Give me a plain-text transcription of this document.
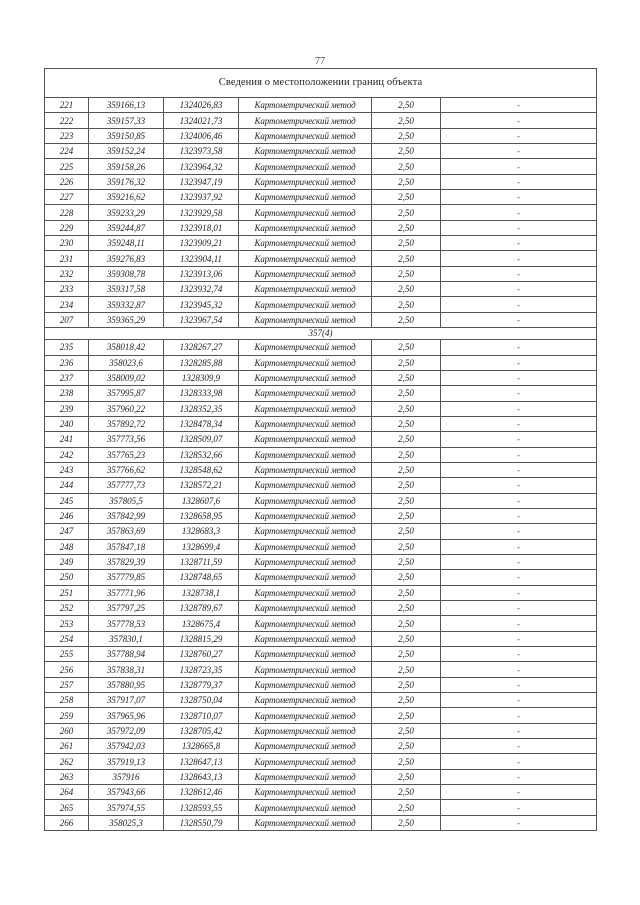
77
Сведения о местоположении границ объекта					
221	359166,13	1324026,83	Картометрический метод	2,50	-
222	359157,33	1324021,73	Картометрический метод	2,50	-
223	359150,85	1324006,46	Картометрический метод	2,50	-
224	359152,24	1323973,58	Картометрический метод	2,50	-
225	359158,26	1323964,32	Картометрический метод	2,50	-
226	359176,32	1323947,19	Картометрический метод	2,50	-
227	359216,62	1323937,92	Картометрический метод	2,50	-
228	359233,29	1323929,58	Картометрический метод	2,50	-
229	359244,87	1323918,01	Картометрический метод	2,50	-
230	359248,11	1323909,21	Картометрический метод	2,50	-
231	359276,83	1323904,11	Картометрический метод	2,50	-
232	359308,78	1323913,06	Картометрический метод	2,50	-
233	359317,58	1323932,74	Картометрический метод	2,50	-
234	359332,87	1323945,32	Картометрический метод	2,50	-
207	359365,29	1323967,54	Картометрический метод	2,50	-
357(4)					
235	358018,42	1328267,27	Картометрический метод	2,50	-
236	358023,6	1328285,88	Картометрический метод	2,50	-
237	358009,02	1328309,9	Картометрический метод	2,50	-
238	357995,87	1328333,98	Картометрический метод	2,50	-
239	357960,22	1328352,35	Картометрический метод	2,50	-
240	357892,72	1328478,34	Картометрический метод	2,50	-
241	357773,56	1328509,07	Картометрический метод	2,50	-
242	357765,23	1328532,66	Картометрический метод	2,50	-
243	357766,62	1328548,62	Картометрический метод	2,50	-
244	357777,73	1328572,21	Картометрический метод	2,50	-
245	357805,5	1328607,6	Картометрический метод	2,50	-
246	357842,99	1328658,95	Картометрический метод	2,50	-
247	357863,69	1328683,3	Картометрический метод	2,50	-
248	357847,18	1328699,4	Картометрический метод	2,50	-
249	357829,39	1328711,59	Картометрический метод	2,50	-
250	357779,85	1328748,65	Картометрический метод	2,50	-
251	357771,96	1328738,1	Картометрический метод	2,50	-
252	357797,25	1328789,67	Картометрический метод	2,50	-
253	357778,53	1328675,4	Картометрический метод	2,50	-
254	357830,1	1328815,29	Картометрический метод	2,50	-
255	357788,94	1328760,27	Картометрический метод	2,50	-
256	357838,31	1328723,35	Картометрический метод	2,50	-
257	357880,95	1328779,37	Картометрический метод	2,50	-
258	357917,07	1328750,04	Картометрический метод	2,50	-
259	357965,96	1328710,07	Картометрический метод	2,50	-
260	357972,09	1328705,42	Картометрический метод	2,50	-
261	357942,03	1328665,8	Картометрический метод	2,50	-
262	357919,13	1328647,13	Картометрический метод	2,50	-
263	357916	1328643,13	Картометрический метод	2,50	-
264	357943,66	1328612,46	Картометрический метод	2,50	-
265	357974,55	1328593,55	Картометрический метод	2,50	-
266	358025,3	1328550,79	Картометрический метод	2,50	-
